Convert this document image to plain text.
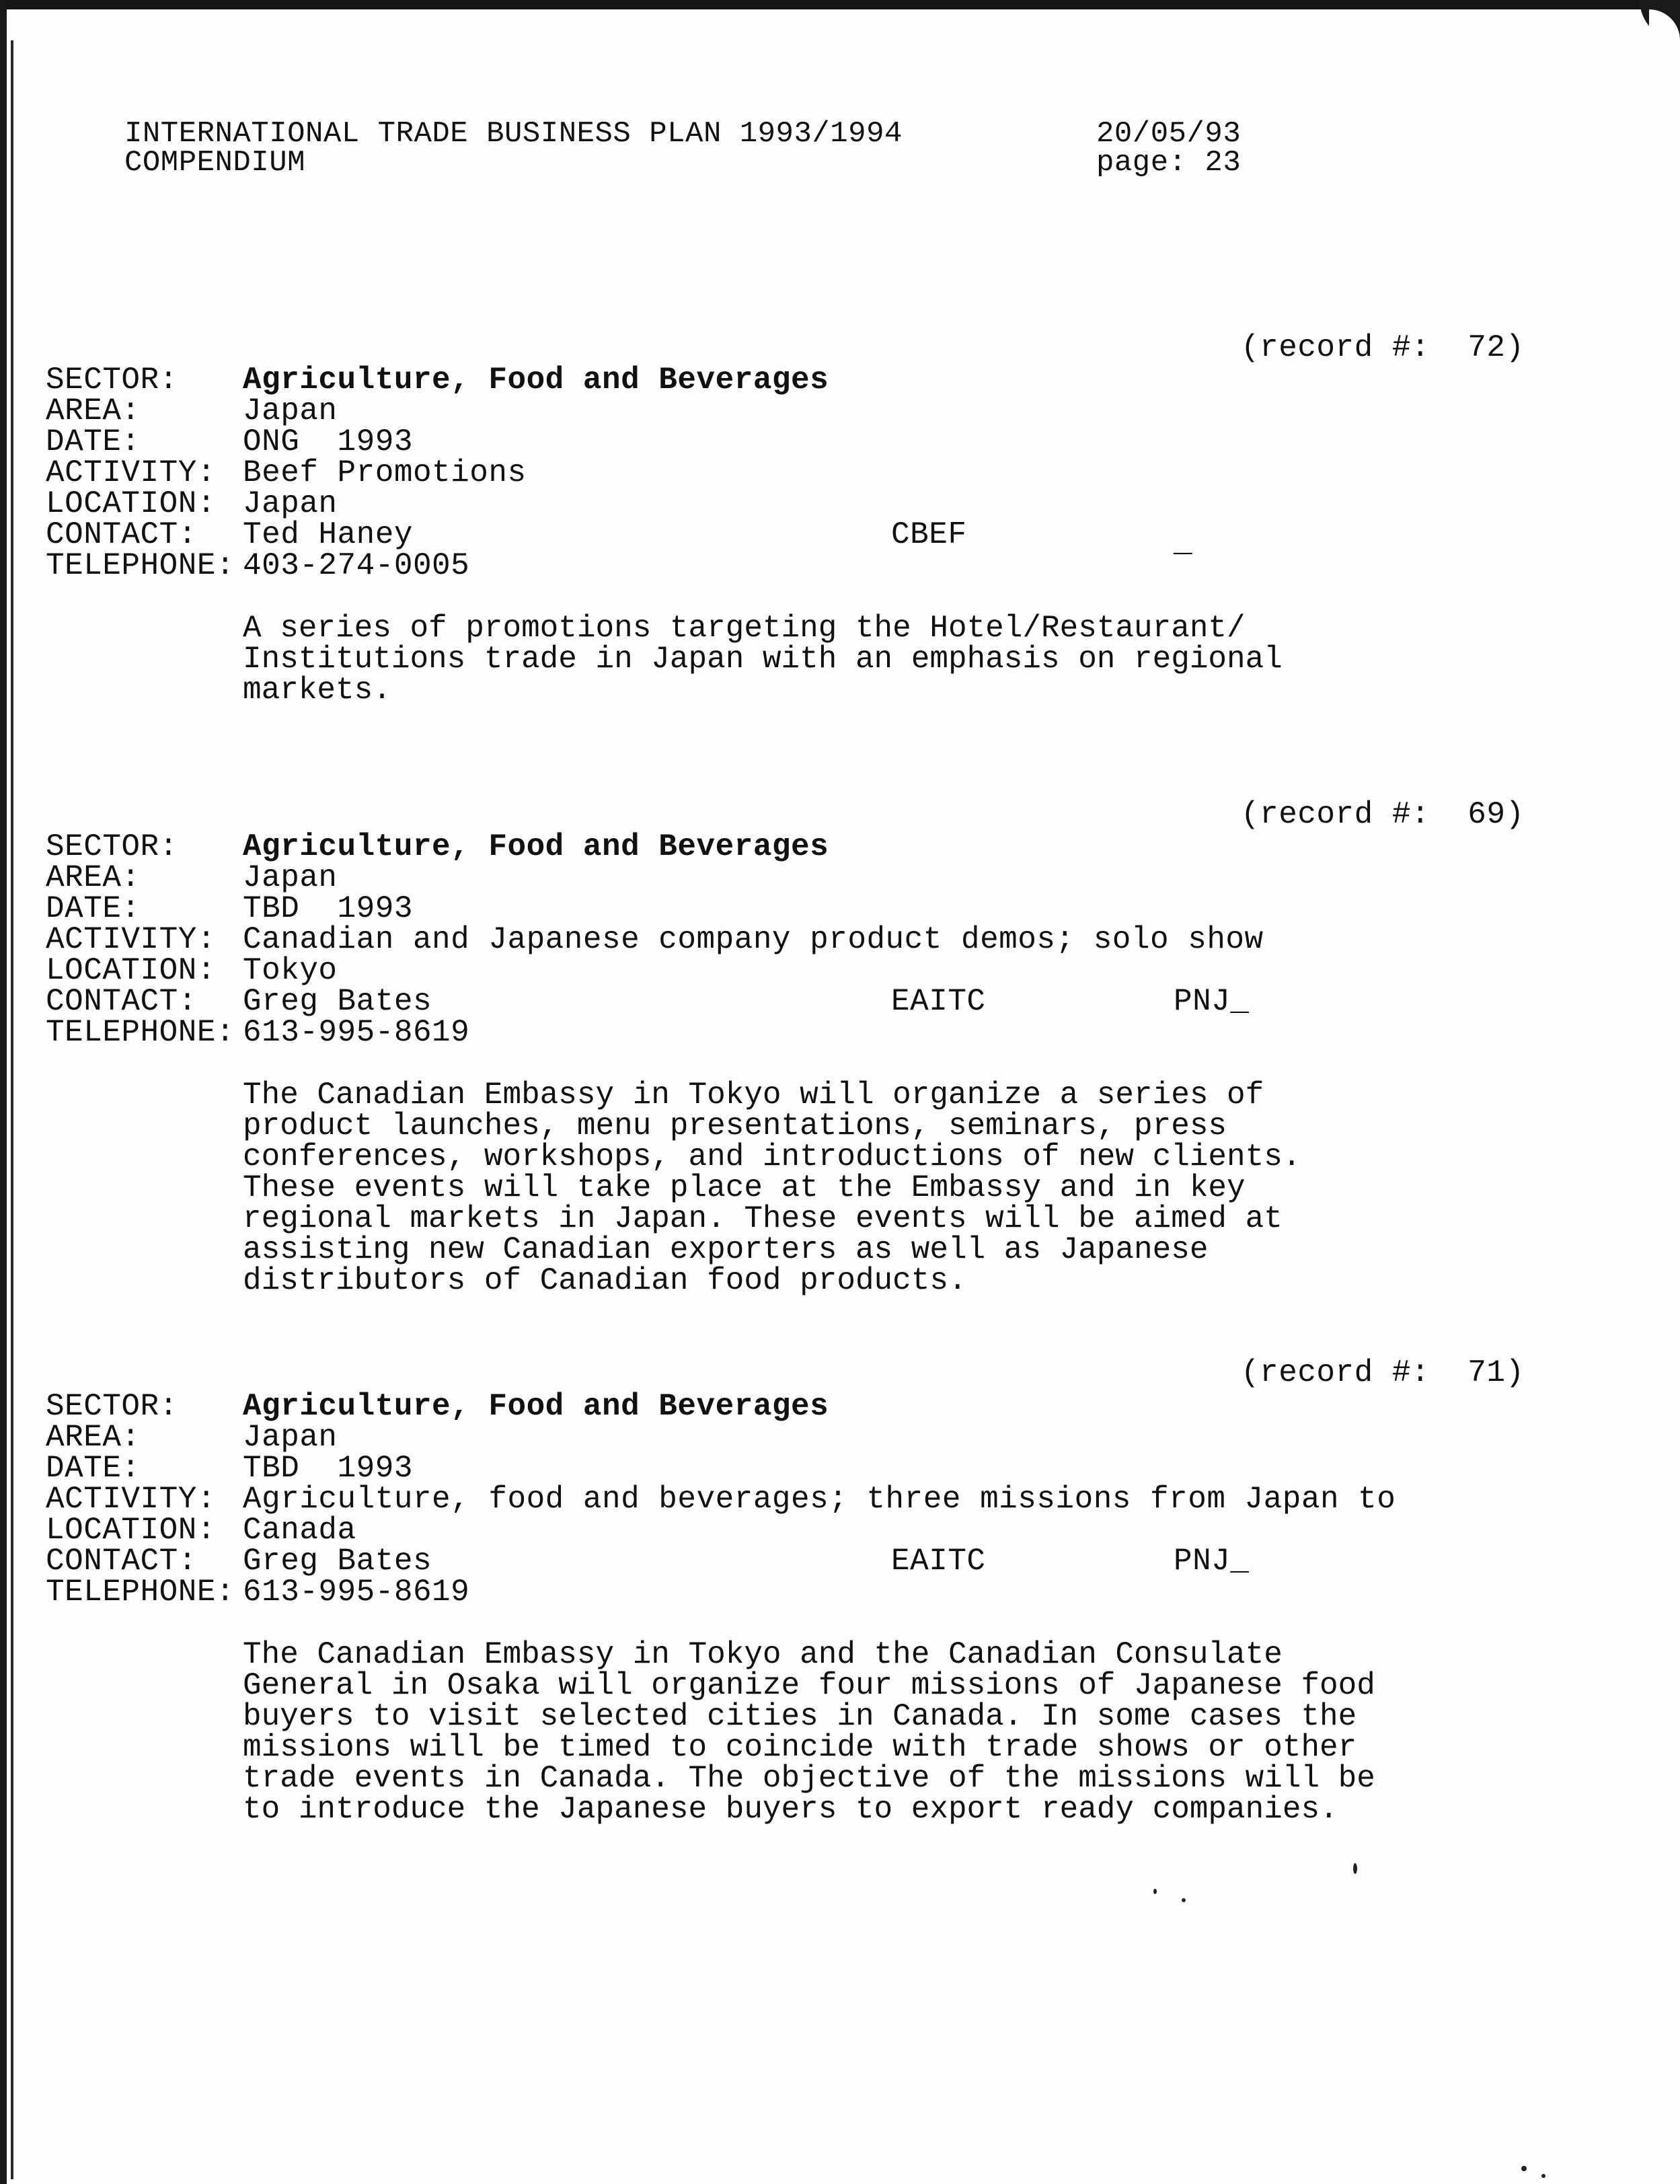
INTERNATIONAL TRADE BUSINESS PLAN 1993/1994
COMPENDIUM
20/05/93
page: 23
(record #:  72)
SECTOR: Agriculture, Food and Beverages
AREA:	Japan
DATE:	ONG  1993
ACTIVITY: Beef Promotions
LOCATION: Japan
CONTACT: Ted Haney	CBEF	_
TELEPHONE: 403-274-0005
A series of promotions targeting the Hotel/Restaurant/
Institutions trade in Japan with an emphasis on regional
markets.
(record #:  69)
SECTOR: Agriculture, Food and Beverages
AREA:	Japan
DATE:	TBD  1993
ACTIVITY: Canadian and Japanese company product demos; solo show
LOCATION: Tokyo
CONTACT: Greg Bates	EAITC	PNJ_
TELEPHONE: 613-995-8619
The Canadian Embassy in Tokyo will organize a series of
product launches, menu presentations, seminars, press
conferences, workshops, and introductions of new clients.
These events will take place at the Embassy and in key
regional markets in Japan. These events will be aimed at
assisting new Canadian exporters as well as Japanese
distributors of Canadian food products.
(record #:  71)
SECTOR: Agriculture, Food and Beverages
AREA:	Japan
DATE:	TBD  1993
ACTIVITY: Agriculture, food and beverages; three missions from Japan to
LOCATION: Canada
CONTACT: Greg Bates	EAITC	PNJ_
TELEPHONE: 613-995-8619
The Canadian Embassy in Tokyo and the Canadian Consulate
General in Osaka will organize four missions of Japanese food
buyers to visit selected cities in Canada. In some cases the
missions will be timed to coincide with trade shows or other
trade events in Canada. The objective of the missions will be
to introduce the Japanese buyers to export ready companies.
